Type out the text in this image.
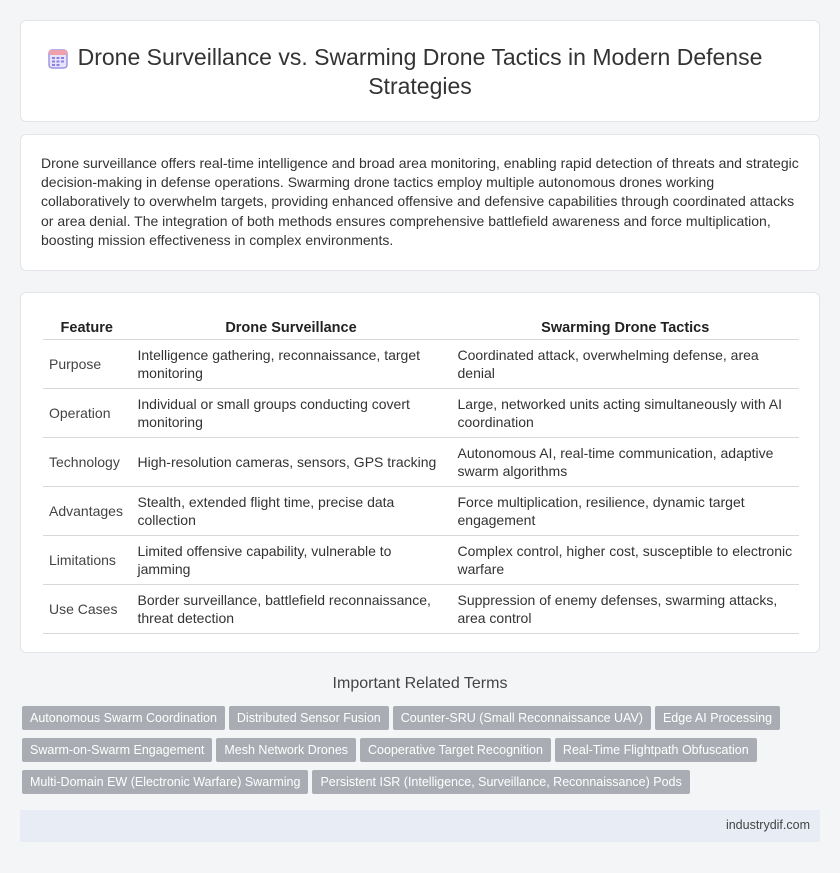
Drone Surveillance vs. Swarming Drone Tactics in Modern Defense Strategies
Drone surveillance offers real-time intelligence and broad area monitoring, enabling rapid detection of threats and strategic decision-making in defense operations. Swarming drone tactics employ multiple autonomous drones working collaboratively to overwhelm targets, providing enhanced offensive and defensive capabilities through coordinated attacks or area denial. The integration of both methods ensures comprehensive battlefield awareness and force multiplication, boosting mission effectiveness in complex environments.
Feature	Drone Surveillance	Swarming Drone Tactics
Purpose	Intelligence gathering, reconnaissance, target monitoring	Coordinated attack, overwhelming defense, area denial
Operation	Individual or small groups conducting covert monitoring	Large, networked units acting simultaneously with AI coordination
Technology	High-resolution cameras, sensors, GPS tracking	Autonomous AI, real-time communication, adaptive swarm algorithms
Advantages	Stealth, extended flight time, precise data collection	Force multiplication, resilience, dynamic target engagement
Limitations	Limited offensive capability, vulnerable to jamming	Complex control, higher cost, susceptible to electronic warfare
Use Cases	Border surveillance, battlefield reconnaissance, threat detection	Suppression of enemy defenses, swarming attacks, area control
Important Related Terms
Autonomous Swarm Coordination Distributed Sensor Fusion Counter-SRU (Small Reconnaissance UAV) Edge AI Processing
Swarm-on-Swarm Engagement Mesh Network Drones Cooperative Target Recognition Real-Time Flightpath Obfuscation
Multi-Domain EW (Electronic Warfare) Swarming Persistent ISR (Intelligence, Surveillance, Reconnaissance) Pods
industrydif.com
